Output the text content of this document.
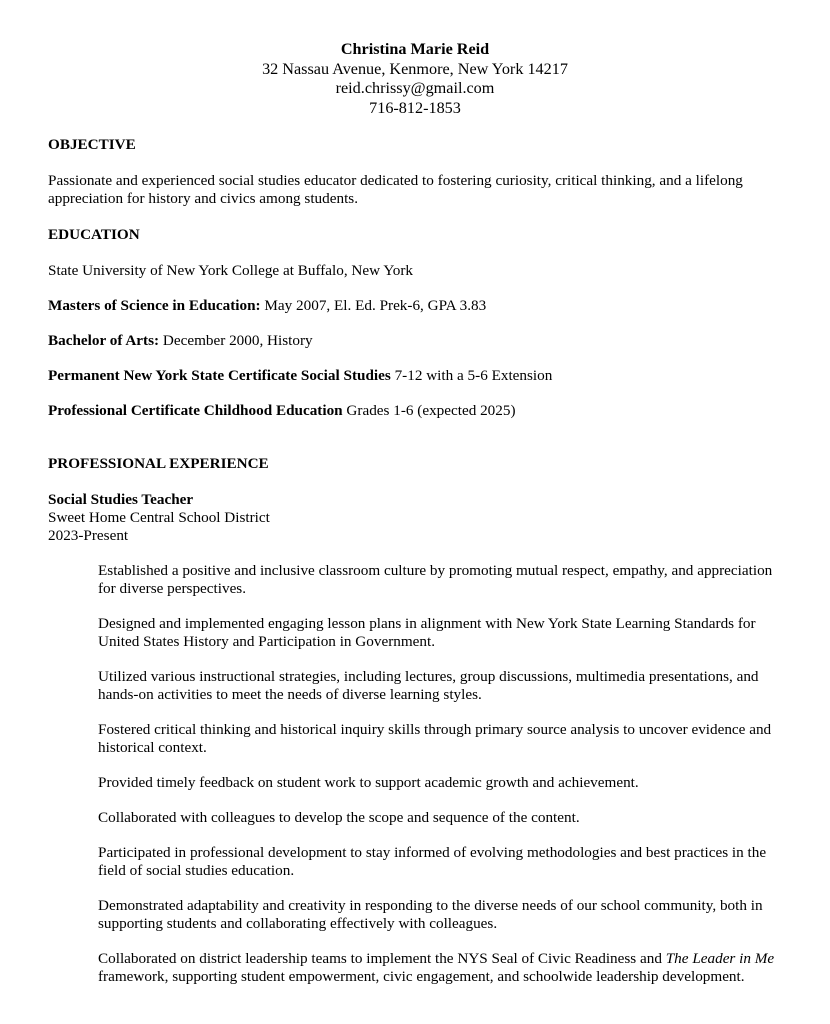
Christina Marie Reid
32 Nassau Avenue, Kenmore, New York 14217
reid.chrissy@gmail.com
716-812-1853
OBJECTIVE

Passionate and experienced social studies educator dedicated to fostering curiosity, critical thinking, and a lifelong appreciation for history and civics among students.

EDUCATION

State University of New York College at Buffalo, New York

Masters of Science in Education: May 2007, El. Ed. Prek-6, GPA 3.83

Bachelor of Arts: December 2000, History

Permanent New York State Certificate Social Studies 7-12 with a 5-6 Extension

Professional Certificate Childhood Education Grades 1-6 (expected 2025)

PROFESSIONAL EXPERIENCE
Social Studies Teacher
Sweet Home Central School District
2023-Present
Established a positive and inclusive classroom culture by promoting mutual respect, empathy, and appreciation for diverse perspectives.
Designed and implemented engaging lesson plans in alignment with New York State Learning Standards for United States History and Participation in Government.
Utilized various instructional strategies, including lectures, group discussions, multimedia presentations, and hands-on activities to meet the needs of diverse learning styles.
Fostered critical thinking and historical inquiry skills through primary source analysis to uncover evidence and historical context.
Provided timely feedback on student work to support academic growth and achievement.
Collaborated with colleagues to develop the scope and sequence of the content.
Participated in professional development to stay informed of evolving methodologies and best practices in the field of social studies education.
Demonstrated adaptability and creativity in responding to the diverse needs of our school community, both in supporting students and collaborating effectively with colleagues.
Collaborated on district leadership teams to implement the NYS Seal of Civic Readiness and The Leader in Me framework, supporting student empowerment, civic engagement, and schoolwide leadership development.
